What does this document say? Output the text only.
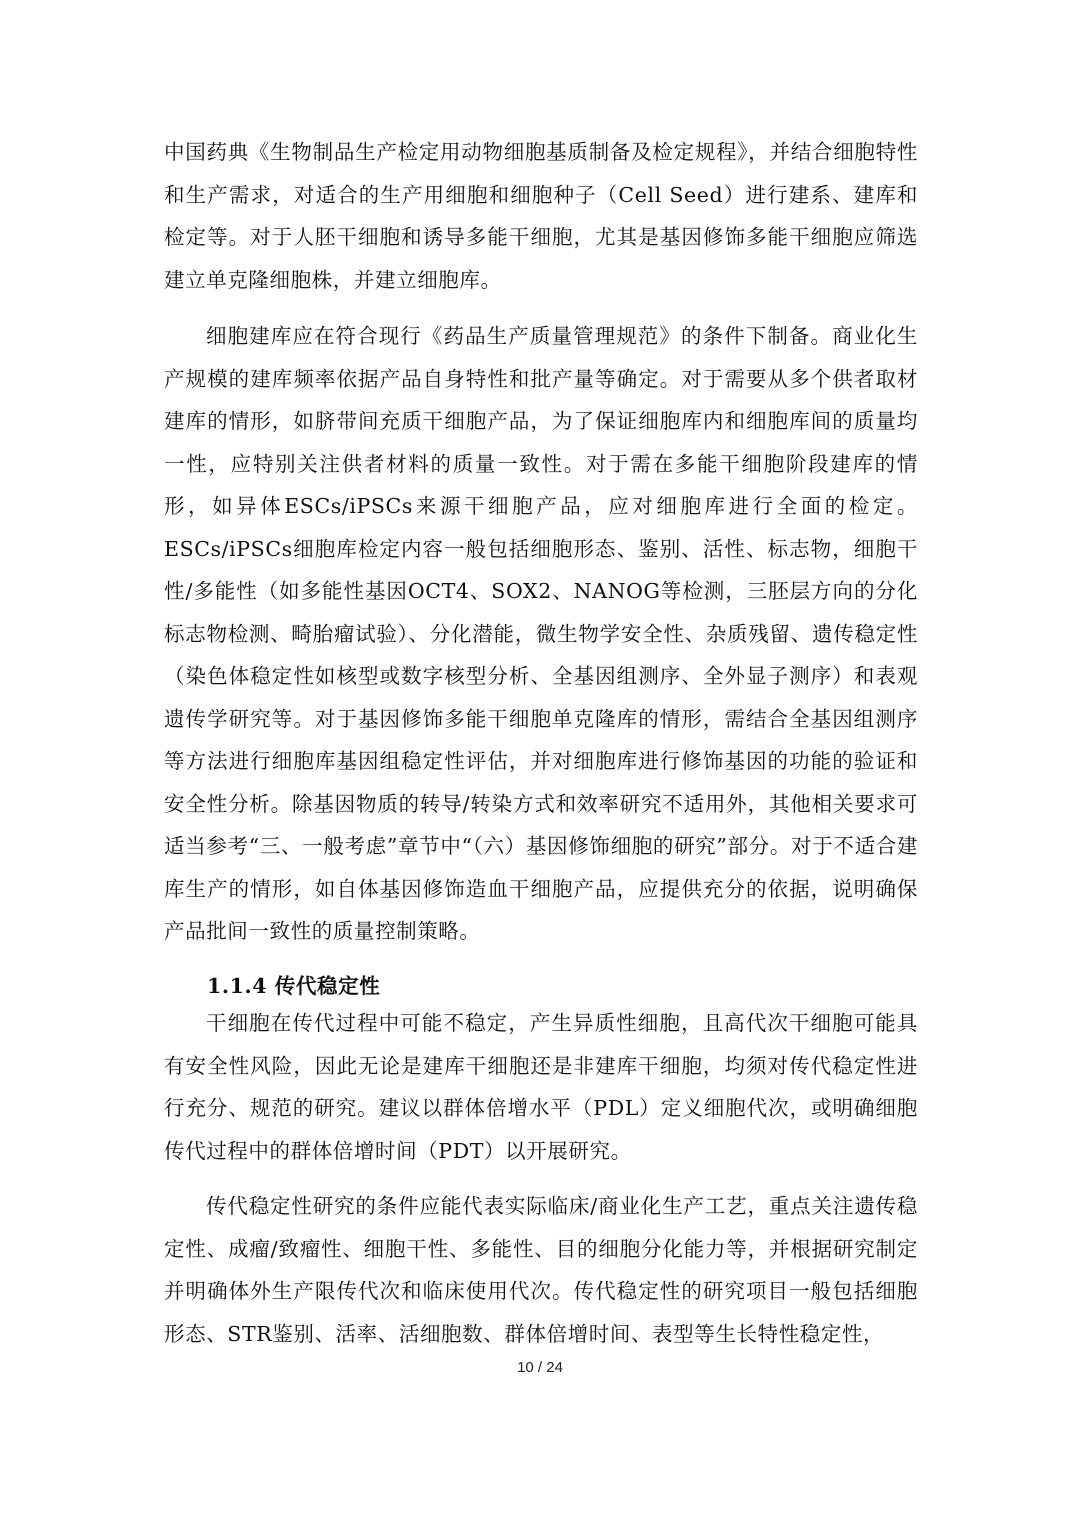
中国药典《生物制品生产检定用动物细胞基质制备及检定规程》，并结合细胞特性和生产需求，对适合的生产用细胞和细胞种子（Cell Seed）进行建系、建库和检定等。对于人胚干细胞和诱导多能干细胞，尤其是基因修饰多能干细胞应筛选建立单克隆细胞株，并建立细胞库。

细胞建库应在符合现行《药品生产质量管理规范》的条件下制备。商业化生产规模的建库频率依据产品自身特性和批产量等确定。对于需要从多个供者取材建库的情形，如脐带间充质干细胞产品，为了保证细胞库内和细胞库间的质量均一性，应特别关注供者材料的质量一致性。对于需在多能干细胞阶段建库的情形，如异体ESCs/iPSCs来源干细胞产品，应对细胞库进行全面的检定。ESCs/iPSCs细胞库检定内容一般包括细胞形态、鉴别、活性、标志物，细胞干性/多能性（如多能性基因OCT4、SOX2、NANOG等检测，三胚层方向的分化标志物检测、畸胎瘤试验）、分化潜能，微生物学安全性、杂质残留、遗传稳定性（染色体稳定性如核型或数字核型分析、全基因组测序、全外显子测序）和表观遗传学研究等。对于基因修饰多能干细胞单克隆库的情形，需结合全基因组测序等方法进行细胞库基因组稳定性评估，并对细胞库进行修饰基因的功能的验证和安全性分析。除基因物质的转导/转染方式和效率研究不适用外，其他相关要求可适当参考“三、一般考虑”章节中“（六）基因修饰细胞的研究”部分。对于不适合建库生产的情形，如自体基因修饰造血干细胞产品，应提供充分的依据，说明确保产品批间一致性的质量控制策略。

1.1.4 传代稳定性

干细胞在传代过程中可能不稳定，产生异质性细胞，且高代次干细胞可能具有安全性风险，因此无论是建库干细胞还是非建库干细胞，均须对传代稳定性进行充分、规范的研究。建议以群体倍增水平（PDL）定义细胞代次，或明确细胞传代过程中的群体倍增时间（PDT）以开展研究。

传代稳定性研究的条件应能代表实际临床/商业化生产工艺，重点关注遗传稳定性、成瘤/致瘤性、细胞干性、多能性、目的细胞分化能力等，并根据研究制定并明确体外生产限传代次和临床使用代次。传代稳定性的研究项目一般包括细胞形态、STR鉴别、活率、活细胞数、群体倍增时间、表型等生长特性稳定性，

10 / 24
